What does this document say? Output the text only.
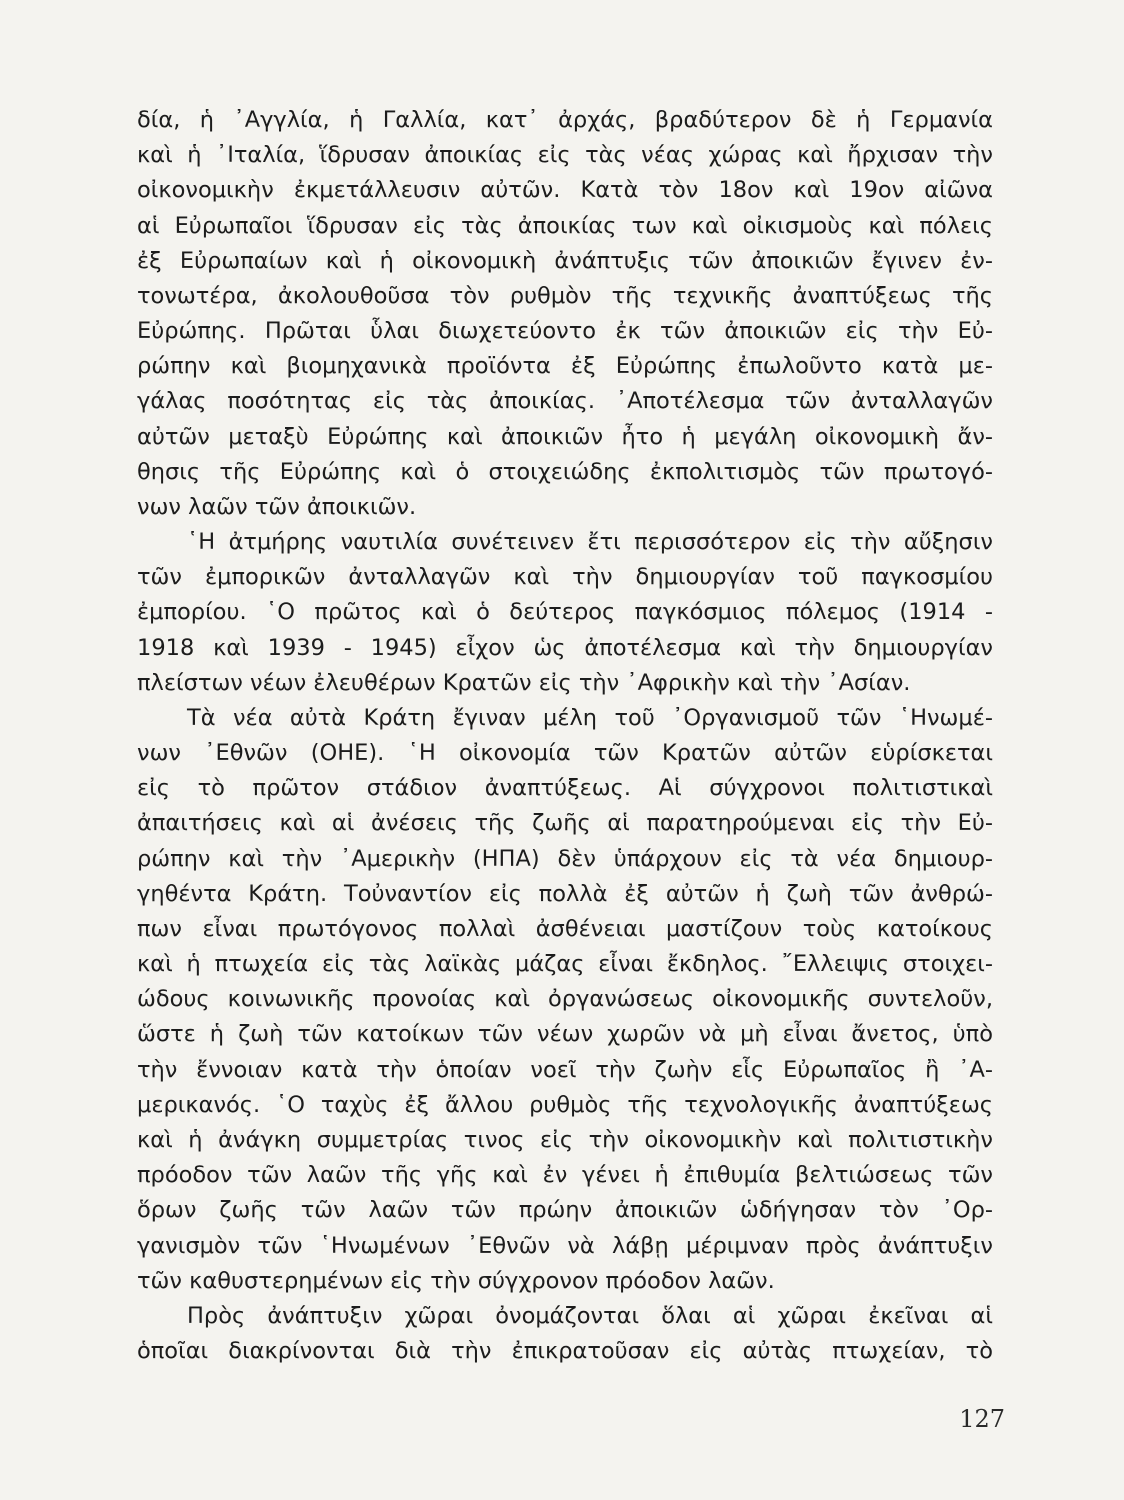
δία, ἡ ᾿Αγγλία, ἡ Γαλλία, κατ᾿ ἀρχάς, βραδύτερον δὲ ἡ Γερμανία
καὶ ἡ ᾿Ιταλία, ἵδρυσαν ἀποικίας εἰς τὰς νέας χώρας καὶ ἤρχισαν τὴν
οἰκονομικὴν ἐκμετάλλευσιν αὐτῶν. Κατὰ τὸν 18ον καὶ 19ον αἰῶνα
αἱ Εὐρωπαῖοι ἵδρυσαν εἰς τὰς ἀποικίας των καὶ οἰκισμοὺς καὶ πόλεις
ἐξ Εὐρωπαίων καὶ ἡ οἰκονομικὴ ἀνάπτυξις τῶν ἀποικιῶν ἔγινεν ἐν-
τονωτέρα, ἀκολουθοῦσα τὸν ρυθμὸν τῆς τεχνικῆς ἀναπτύξεως τῆς
Εὐρώπης. Πρῶται ὗλαι διωχετεύοντο ἐκ τῶν ἀποικιῶν εἰς τὴν Εὐ-
ρώπην καὶ βιομηχανικὰ προϊόντα ἐξ Εὐρώπης ἐπωλοῦντο κατὰ με-
γάλας ποσότητας εἰς τὰς ἀποικίας. ᾿Αποτέλεσμα τῶν ἀνταλλαγῶν
αὐτῶν μεταξὺ Εὐρώπης καὶ ἀποικιῶν ἦτο ἡ μεγάλη οἰκονομικὴ ἄν-
θησις τῆς Εὐρώπης καὶ ὁ στοιχειώδης ἐκπολιτισμὸς τῶν πρωτογό-
νων λαῶν τῶν ἀποικιῶν.
῾Η ἀτμήρης ναυτιλία συνέτεινεν ἔτι περισσότερον εἰς τὴν αὔξησιν
τῶν ἐμπορικῶν ἀνταλλαγῶν καὶ τὴν δημιουργίαν τοῦ παγκοσμίου
ἐμπορίου. ῾Ο πρῶτος καὶ ὁ δεύτερος παγκόσμιος πόλεμος (1914 -
1918 καὶ 1939 - 1945) εἶχον ὡς ἀποτέλεσμα καὶ τὴν δημιουργίαν
πλείστων νέων ἐλευθέρων Κρατῶν εἰς τὴν ᾿Αφρικὴν καὶ τὴν ᾿Ασίαν.
Τὰ νέα αὐτὰ Κράτη ἔγιναν μέλη τοῦ ᾿Οργανισμοῦ τῶν ῾Ηνωμέ-
νων ᾿Εθνῶν (ΟΗΕ). ῾Η οἰκονομία τῶν Κρατῶν αὐτῶν εὑρίσκεται
εἰς τὸ πρῶτον στάδιον ἀναπτύξεως. Αἱ σύγχρονοι πολιτιστικαὶ
ἀπαιτήσεις καὶ αἱ ἀνέσεις τῆς ζωῆς αἱ παρατηρούμεναι εἰς τὴν Εὐ-
ρώπην καὶ τὴν ᾿Αμερικὴν (ΗΠΑ) δὲν ὑπάρχουν εἰς τὰ νέα δημιουρ-
γηθέντα Κράτη. Τοὐναντίον εἰς πολλὰ ἐξ αὐτῶν ἡ ζωὴ τῶν ἀνθρώ-
πων εἶναι πρωτόγονος πολλαὶ ἀσθένειαι μαστίζουν τοὺς κατοίκους
καὶ ἡ πτωχεία εἰς τὰς λαϊκὰς μάζας εἶναι ἔκδηλος. ῎Ελλειψις στοιχει-
ώδους κοινωνικῆς προνοίας καὶ ὀργανώσεως οἰκονομικῆς συντελοῦν,
ὥστε ἡ ζωὴ τῶν κατοίκων τῶν νέων χωρῶν νὰ μὴ εἶναι ἄνετος, ὑπὸ
τὴν ἔννοιαν κατὰ τὴν ὁποίαν νοεῖ τὴν ζωὴν εἷς Εὐρωπαῖος ἢ ᾿Α-
μερικανός. ῾Ο ταχὺς ἐξ ἄλλου ρυθμὸς τῆς τεχνολογικῆς ἀναπτύξεως
καὶ ἡ ἀνάγκη συμμετρίας τινος εἰς τὴν οἰκονομικὴν καὶ πολιτιστικὴν
πρόοδον τῶν λαῶν τῆς γῆς καὶ ἐν γένει ἡ ἐπιθυμία βελτιώσεως τῶν
ὅρων ζωῆς τῶν λαῶν τῶν πρώην ἀποικιῶν ὡδήγησαν τὸν ᾿Ορ-
γανισμὸν τῶν ῾Ηνωμένων ᾿Εθνῶν νὰ λάβῃ μέριμναν πρὸς ἀνάπτυξιν
τῶν καθυστερημένων εἰς τὴν σύγχρονον πρόοδον λαῶν.
Πρὸς ἀνάπτυξιν χῶραι ὀνομάζονται ὅλαι αἱ χῶραι ἐκεῖναι αἱ
ὁποῖαι διακρίνονται διὰ τὴν ἐπικρατοῦσαν εἰς αὐτὰς πτωχείαν, τὸ
127
